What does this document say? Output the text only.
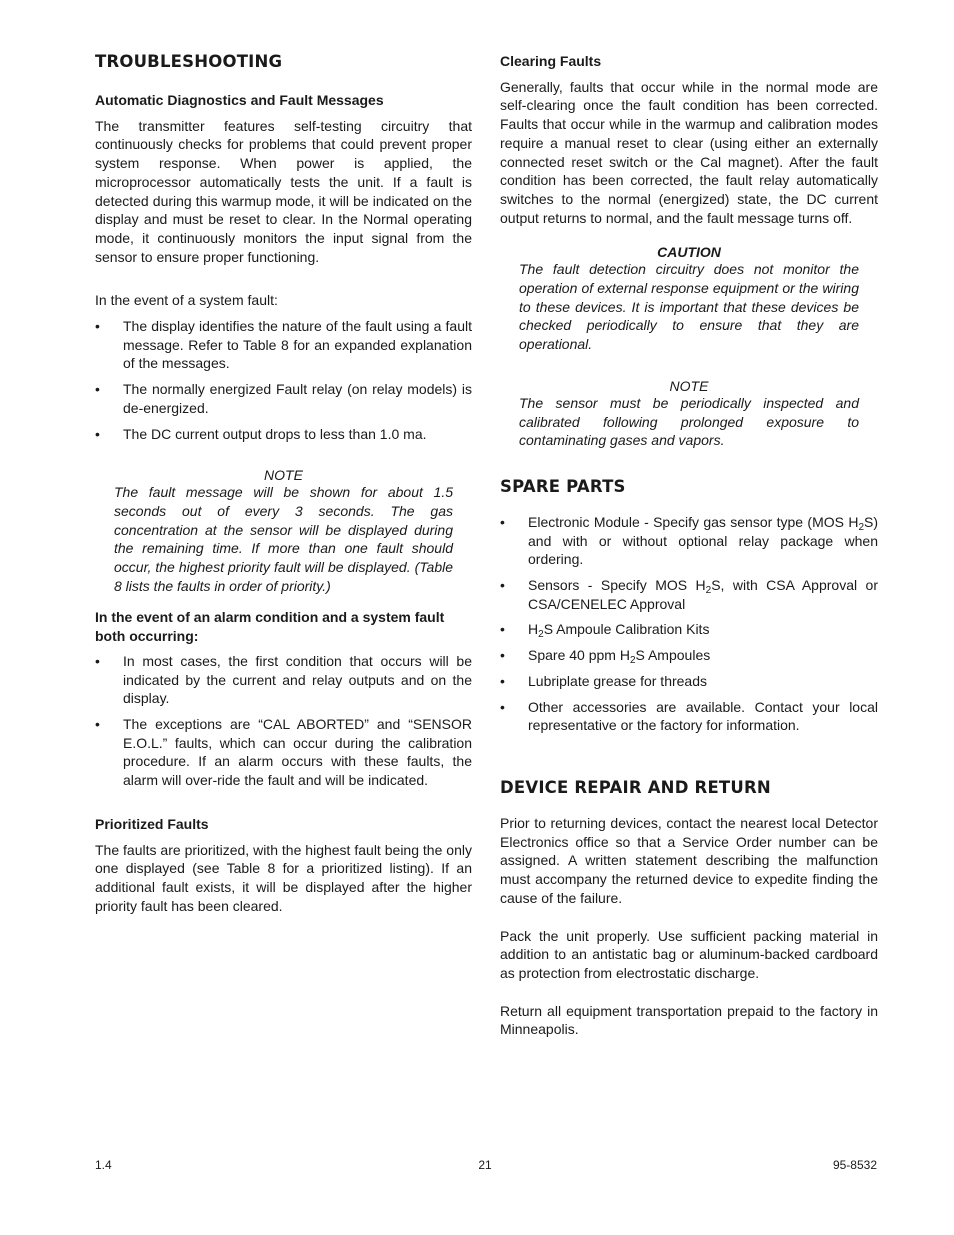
TROUBLESHOOTING
Automatic Diagnostics and Fault Messages

The transmitter features self-testing circuitry that continuously checks for problems that could prevent proper system response. When power is applied, the microprocessor automatically tests the unit. If a fault is detected during this warmup mode, it will be indicated on the display and must be reset to clear. In the Normal operating mode, it continuously monitors the input signal from the sensor to ensure proper functioning.

In the event of a system fault:

• The display identifies the nature of the fault using a fault message. Refer to Table 8 for an expanded explanation of the messages.
• The normally energized Fault relay (on relay models) is de-energized.
• The DC current output drops to less than 1.0 ma.
NOTE
The fault message will be shown for about 1.5 seconds out of every 3 seconds. The gas concentration at the sensor will be displayed during the remaining time. If more than one fault should occur, the highest priority fault will be displayed. (Table 8 lists the faults in order of priority.)
In the event of an alarm condition and a system fault both occurring:
• In most cases, the first condition that occurs will be indicated by the current and relay outputs and on the display.
• The exceptions are “CAL ABORTED” and “SENSOR E.O.L.” faults, which can occur during the calibration procedure. If an alarm occurs with these faults, the alarm will over-ride the fault and will be indicated.
Prioritized Faults

The faults are prioritized, with the highest fault being the only one displayed (see Table 8 for a prioritized listing). If an additional fault exists, it will be displayed after the higher priority fault has been cleared.

Clearing Faults

Generally, faults that occur while in the normal mode are self-clearing once the fault condition has been corrected. Faults that occur while in the warmup and calibration modes require a manual reset to clear (using either an externally connected reset switch or the Cal magnet). After the fault condition has been corrected, the fault relay automatically switches to the normal (energized) state, the DC current output returns to normal, and the fault message turns off.

CAUTION
The fault detection circuitry does not monitor the operation of external response equipment or the wiring to these devices. It is important that these devices be checked periodically to ensure that they are operational.
NOTE
The sensor must be periodically inspected and calibrated following prolonged exposure to contaminating gases and vapors.
SPARE PARTS
• Electronic Module - Specify gas sensor type (MOS $H_2S$) and with or without optional relay package when ordering.
• Sensors - Specify MOS $H_2S$, with CSA Approval or CSA/CENELEC Approval
• $H_2S$ Ampoule Calibration Kits
• Spare 40 ppm $H_2S$ Ampoules
• Lubriplate grease for threads
• Other accessories are available. Contact your local representative or the factory for information.
DEVICE REPAIR AND RETURN

Prior to returning devices, contact the nearest local Detector Electronics office so that a Service Order number can be assigned. A written statement describing the malfunction must accompany the returned device to expedite finding the cause of the failure.

Pack the unit properly. Use sufficient packing material in addition to an antistatic bag or aluminum-backed cardboard as protection from electrostatic discharge.

Return all equipment transportation prepaid to the factory in Minneapolis.

1.4	21	95-8532
